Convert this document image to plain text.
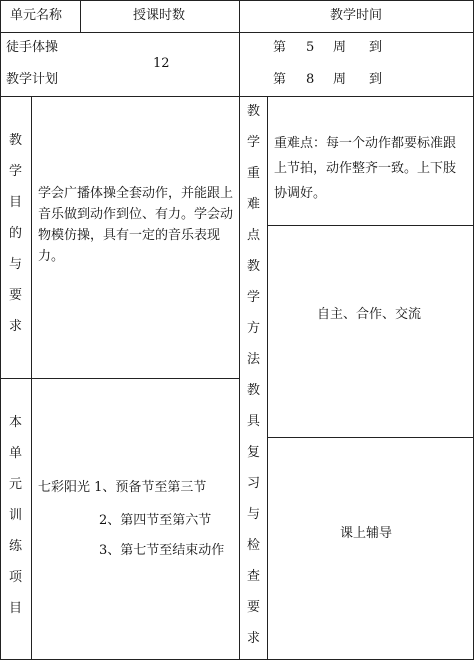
单元名称	授课时数	教学时间
徒手体操
教学计划
12
第 5 周 到
第 8 周 到
教
学
目
的
与
要
求
本
单
元
训
练
项
目
学会广播体操全套动作，并能跟上音乐做到动作到位、有力。学会动物模仿操，具有一定的音乐表现力。
七彩阳光 1、预备节至第三节
2、第四节至第六节
3、第七节至结束动作
教
学
重
难
点
教
学
方
法
教
具
复
习
与
检
查
要
求
重难点：每一个动作都要标准跟上节拍，动作整齐一致。上下肢协调好。
自主、合作、交流
课上辅导
